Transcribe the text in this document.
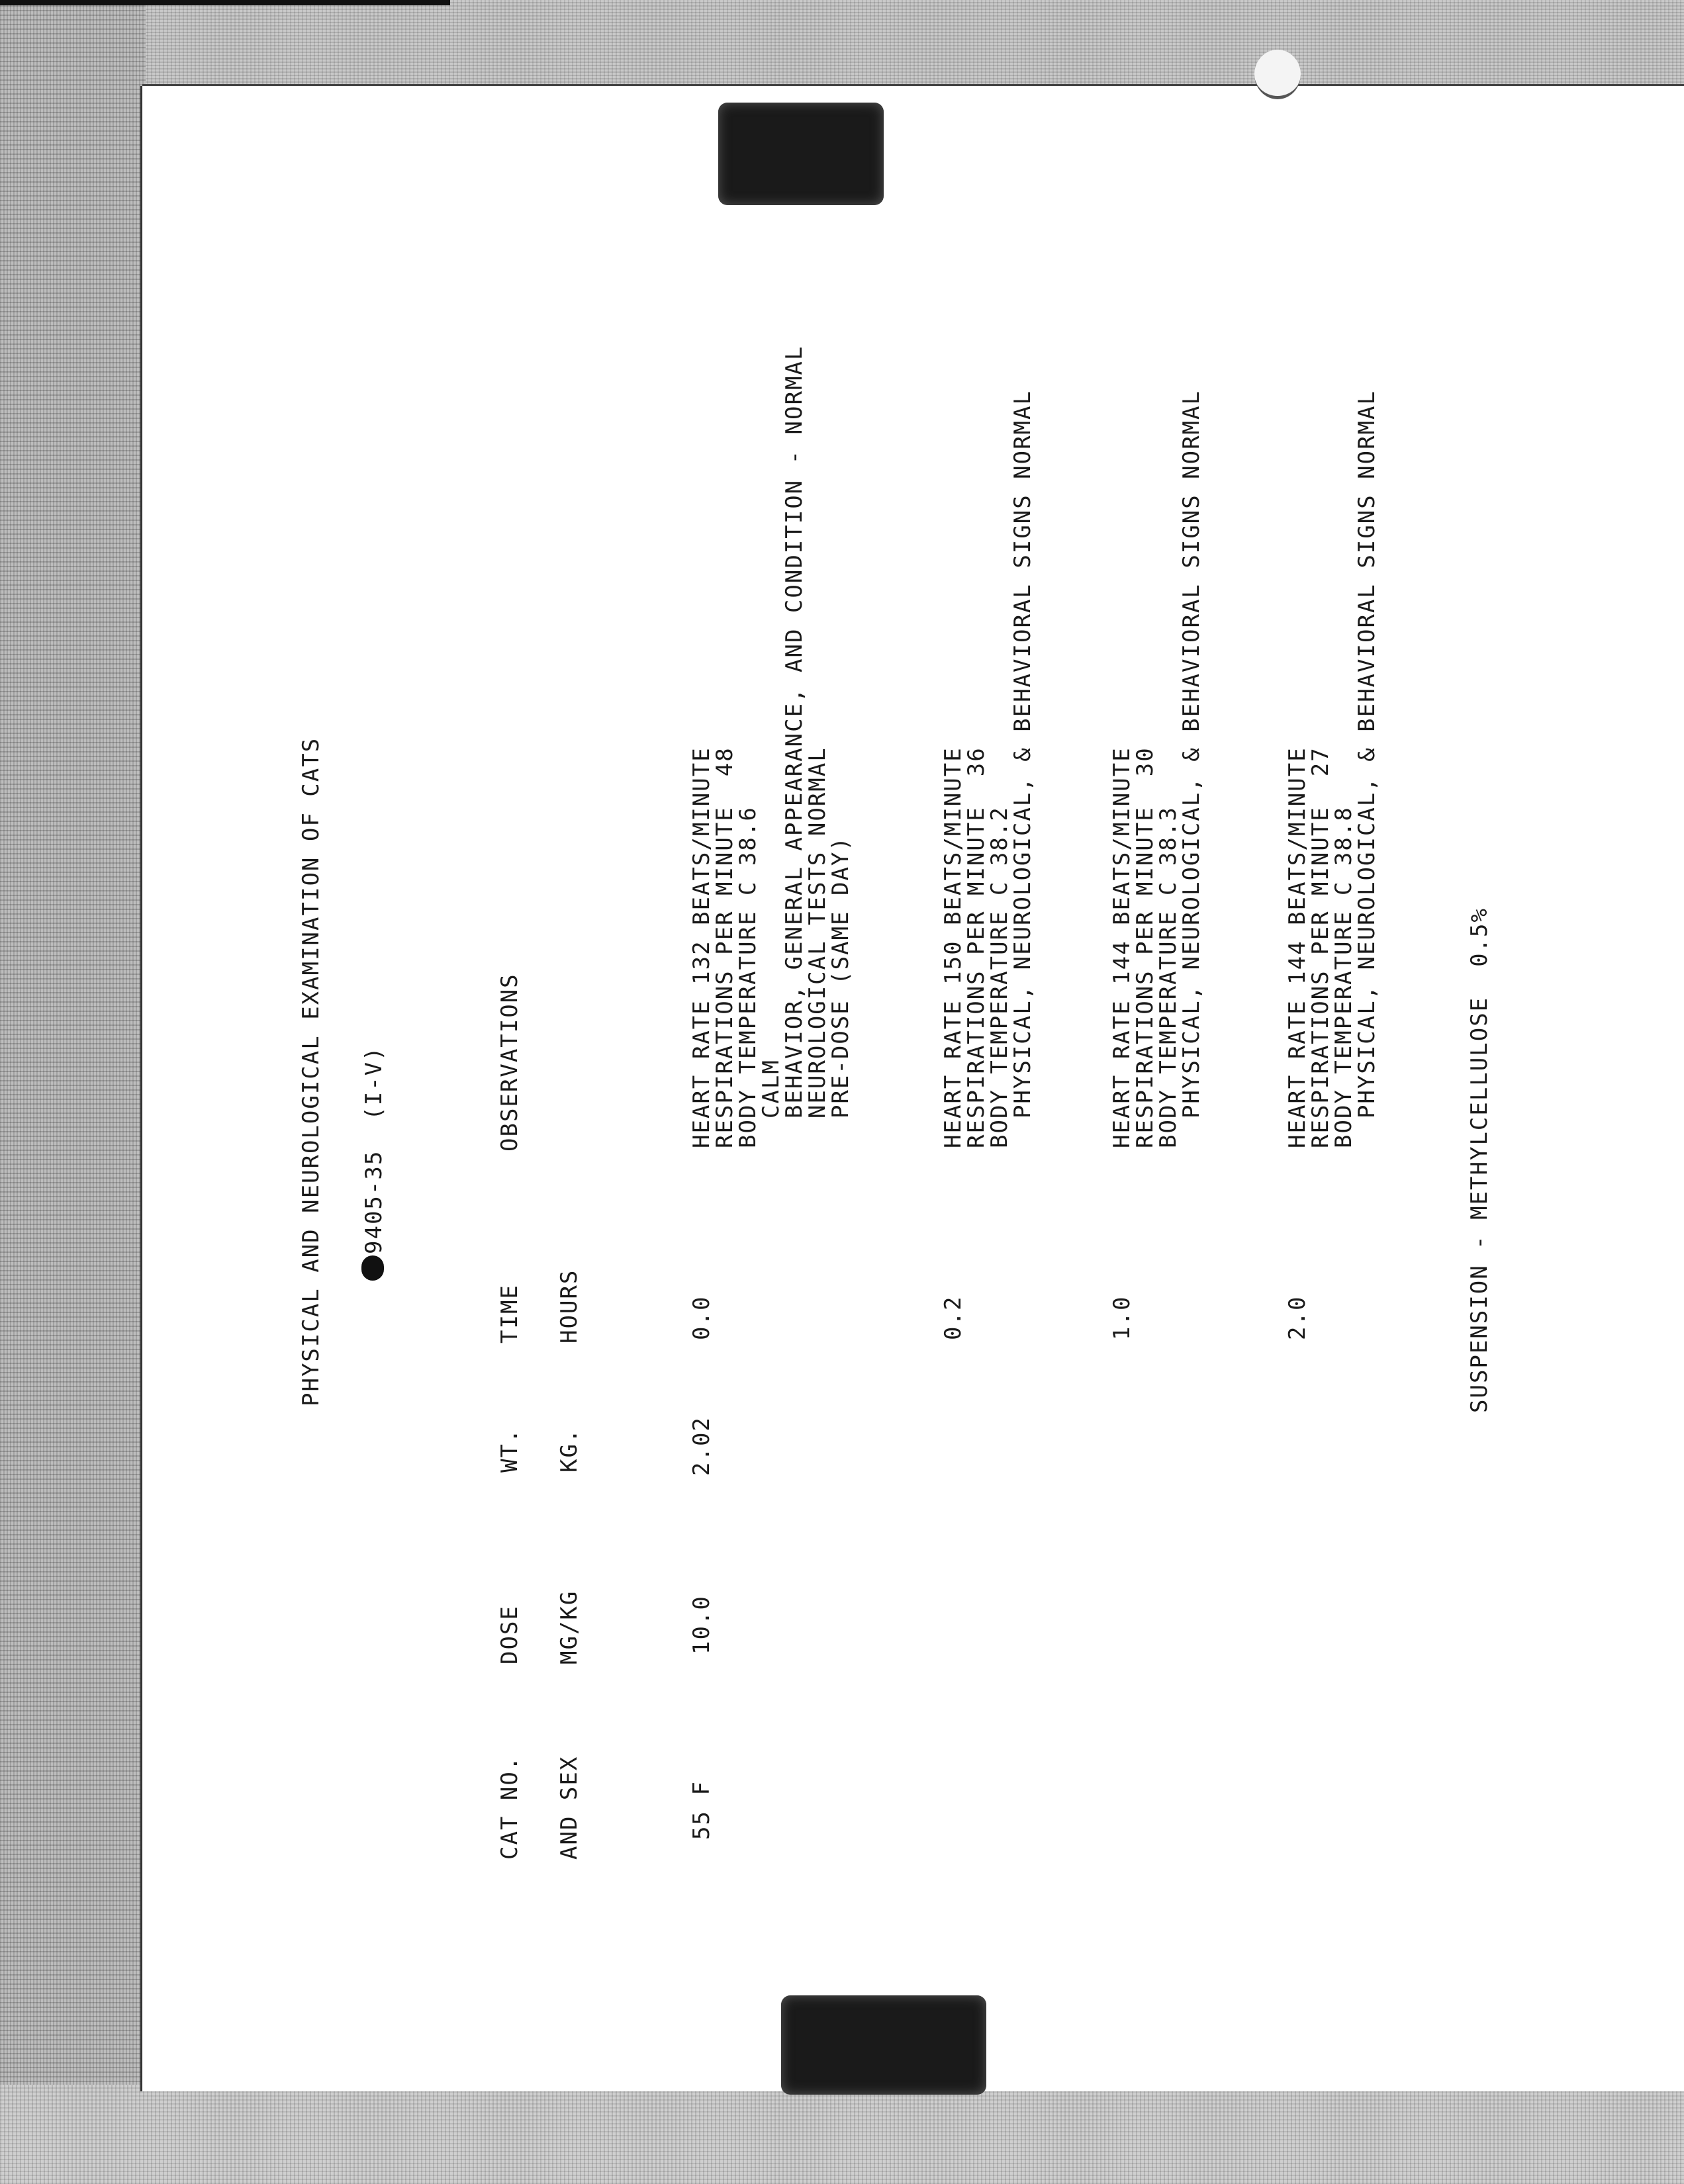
PHYSICAL AND NEUROLOGICAL EXAMINATION OF CATS 9405-35  (I-V)
CAT NO. AND SEX
DOSE MG/KG
WT. KG.
TIME HOURS
OBSERVATIONS
55 F
10.0
2.02
0.0
HEART RATE 132 BEATS/MINUTE
RESPIRATIONS PER MINUTE  48
BODY TEMPERATURE C 38.6
CALM
BEHAVIOR, GENERAL APPEARANCE, AND CONDITION - NORMAL
NEUROLOGICAL TESTS NORMAL
PRE-DOSE (SAME DAY)
0.2
HEART RATE 150 BEATS/MINUTE
RESPIRATIONS PER MINUTE  36
BODY TEMPERATURE C 38.2
PHYSICAL, NEUROLOGICAL, & BEHAVIORAL SIGNS NORMAL
1.0
HEART RATE 144 BEATS/MINUTE
RESPIRATIONS PER MINUTE  30
BODY TEMPERATURE C 38.3
PHYSICAL, NEUROLOGICAL, & BEHAVIORAL SIGNS NORMAL
2.0
HEART RATE 144 BEATS/MINUTE
RESPIRATIONS PER MINUTE  27
BODY TEMPERATURE C 38.8
PHYSICAL, NEUROLOGICAL, & BEHAVIORAL SIGNS NORMAL
SUSPENSION - METHYLCELLULOSE  0.5%
